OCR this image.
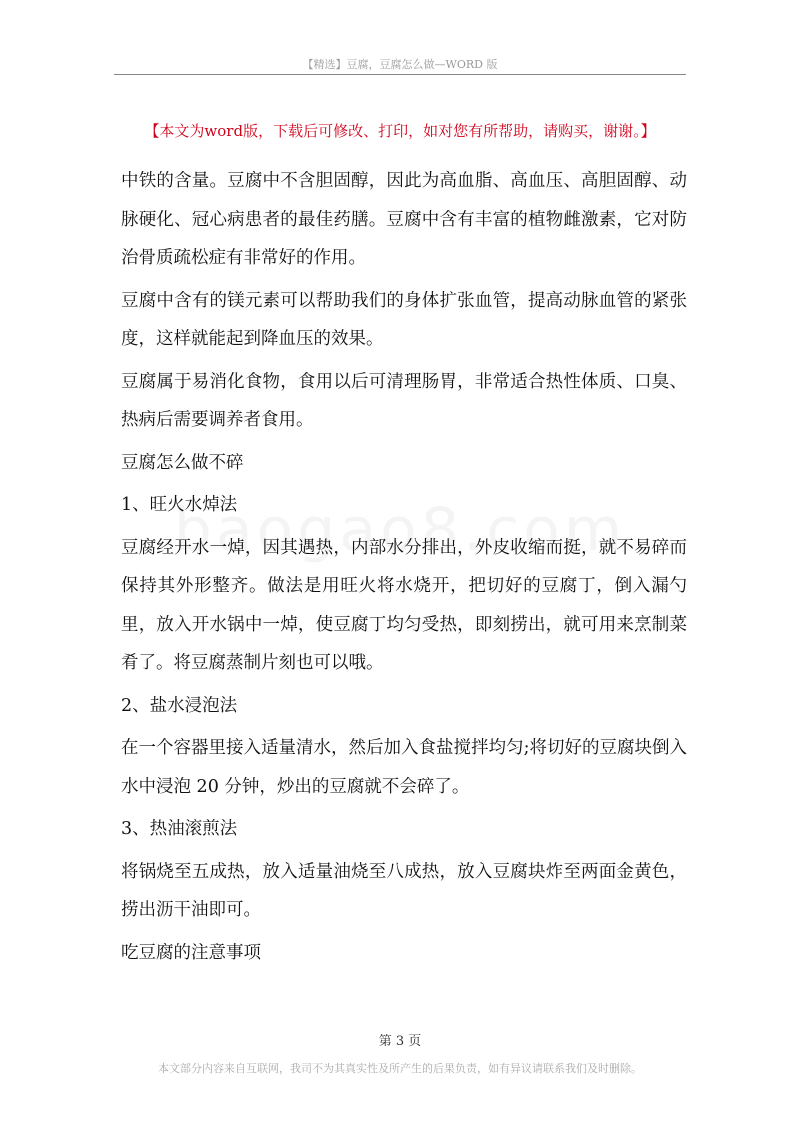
【精选】豆腐，豆腐怎么做—WORD 版
【本文为word版，下载后可修改、打印，如对您有所帮助，请购买，谢谢。】

中铁的含量。豆腐中不含胆固醇，因此为高血脂、高血压、高胆固醇、动脉硬化、冠心病患者的最佳药膳。豆腐中含有丰富的植物雌激素，它对防治骨质疏松症有非常好的作用。

豆腐中含有的镁元素可以帮助我们的身体扩张血管，提高动脉血管的紧张度，这样就能起到降血压的效果。

豆腐属于易消化食物，食用以后可清理肠胃，非常适合热性体质、口臭、热病后需要调养者食用。

豆腐怎么做不碎

1、旺火水焯法

豆腐经开水一焯，因其遇热，内部水分排出，外皮收缩而挺，就不易碎而保持其外形整齐。做法是用旺火将水烧开，把切好的豆腐丁，倒入漏勺里，放入开水锅中一焯，使豆腐丁均匀受热，即刻捞出，就可用来烹制菜肴了。将豆腐蒸制片刻也可以哦。

2、盐水浸泡法

在一个容器里接入适量清水，然后加入食盐搅拌均匀;将切好的豆腐块倒入水中浸泡 20 分钟，炒出的豆腐就不会碎了。

3、热油滚煎法

将锅烧至五成热，放入适量油烧至八成热，放入豆腐块炸至两面金黄色，捞出沥干油即可。

吃豆腐的注意事项

第 3 页
本文部分内容来自互联网，我司不为其真实性及所产生的后果负责，如有异议请联系我们及时删除。
